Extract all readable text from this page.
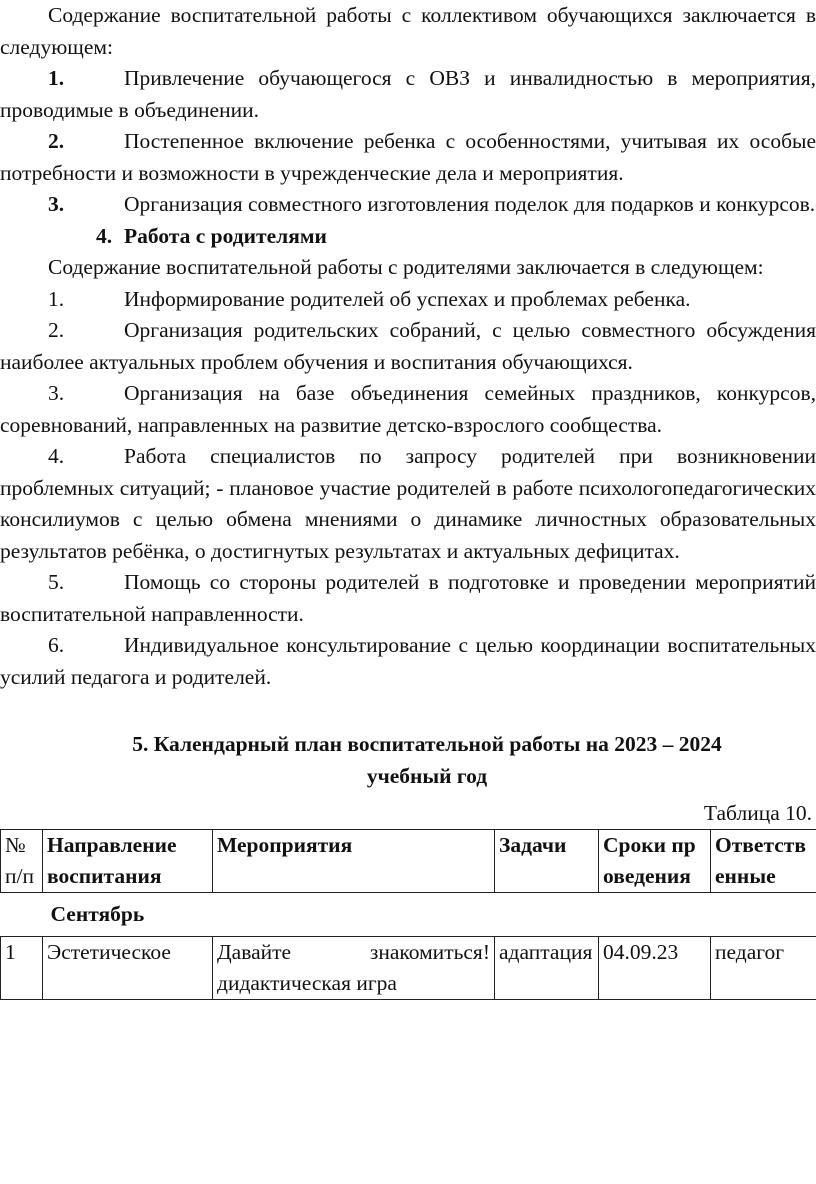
Содержание воспитательной работы с коллективом обучающихся заключается в следующем:

1.	Привлечение обучающегося с ОВЗ и инвалидностью в мероприятия, проводимые в объединении.

2.	Постепенное включение ребенка с особенностями, учитывая их особые потребности и возможности в учрежденческие дела и мероприятия.

3.	Организация совместного изготовления поделок для подарков и конкурсов.

4. Работа с родителями

Содержание воспитательной работы с родителями заключается в следующем:

1.	Информирование родителей об успехах и проблемах ребенка.

2.	Организация родительских собраний, с целью совместного обсуждения наиболее актуальных проблем обучения и воспитания обучающихся.

3.	Организация на базе объединения семейных праздников, конкурсов, соревнований, направленных на развитие детско-взрослого сообщества.

4.	Работа специалистов по запросу родителей при возникновении проблемных ситуаций; - плановое участие родителей в работе психологопедагогических консилиумов с целью обмена мнениями о динамике личностных образовательных результатов ребёнка, о достигнутых результатах и актуальных дефицитах.

5.	Помощь со стороны родителей в подготовке и проведении мероприятий воспитательной направленности.

6.	Индивидуальное консультирование с целью координации воспитательных усилий педагога и родителей.

5. Календарный план воспитательной работы на 2023 – 2024
учебный год
Таблица 10.
№ п/п	Направление воспитания	Мероприятия	Задачи	Сроки проведения	Ответственные
Сентябрь					
1	Эстетическое	Давайте знакомиться! дидактическая игра	адаптация	04.09.23	педагог
